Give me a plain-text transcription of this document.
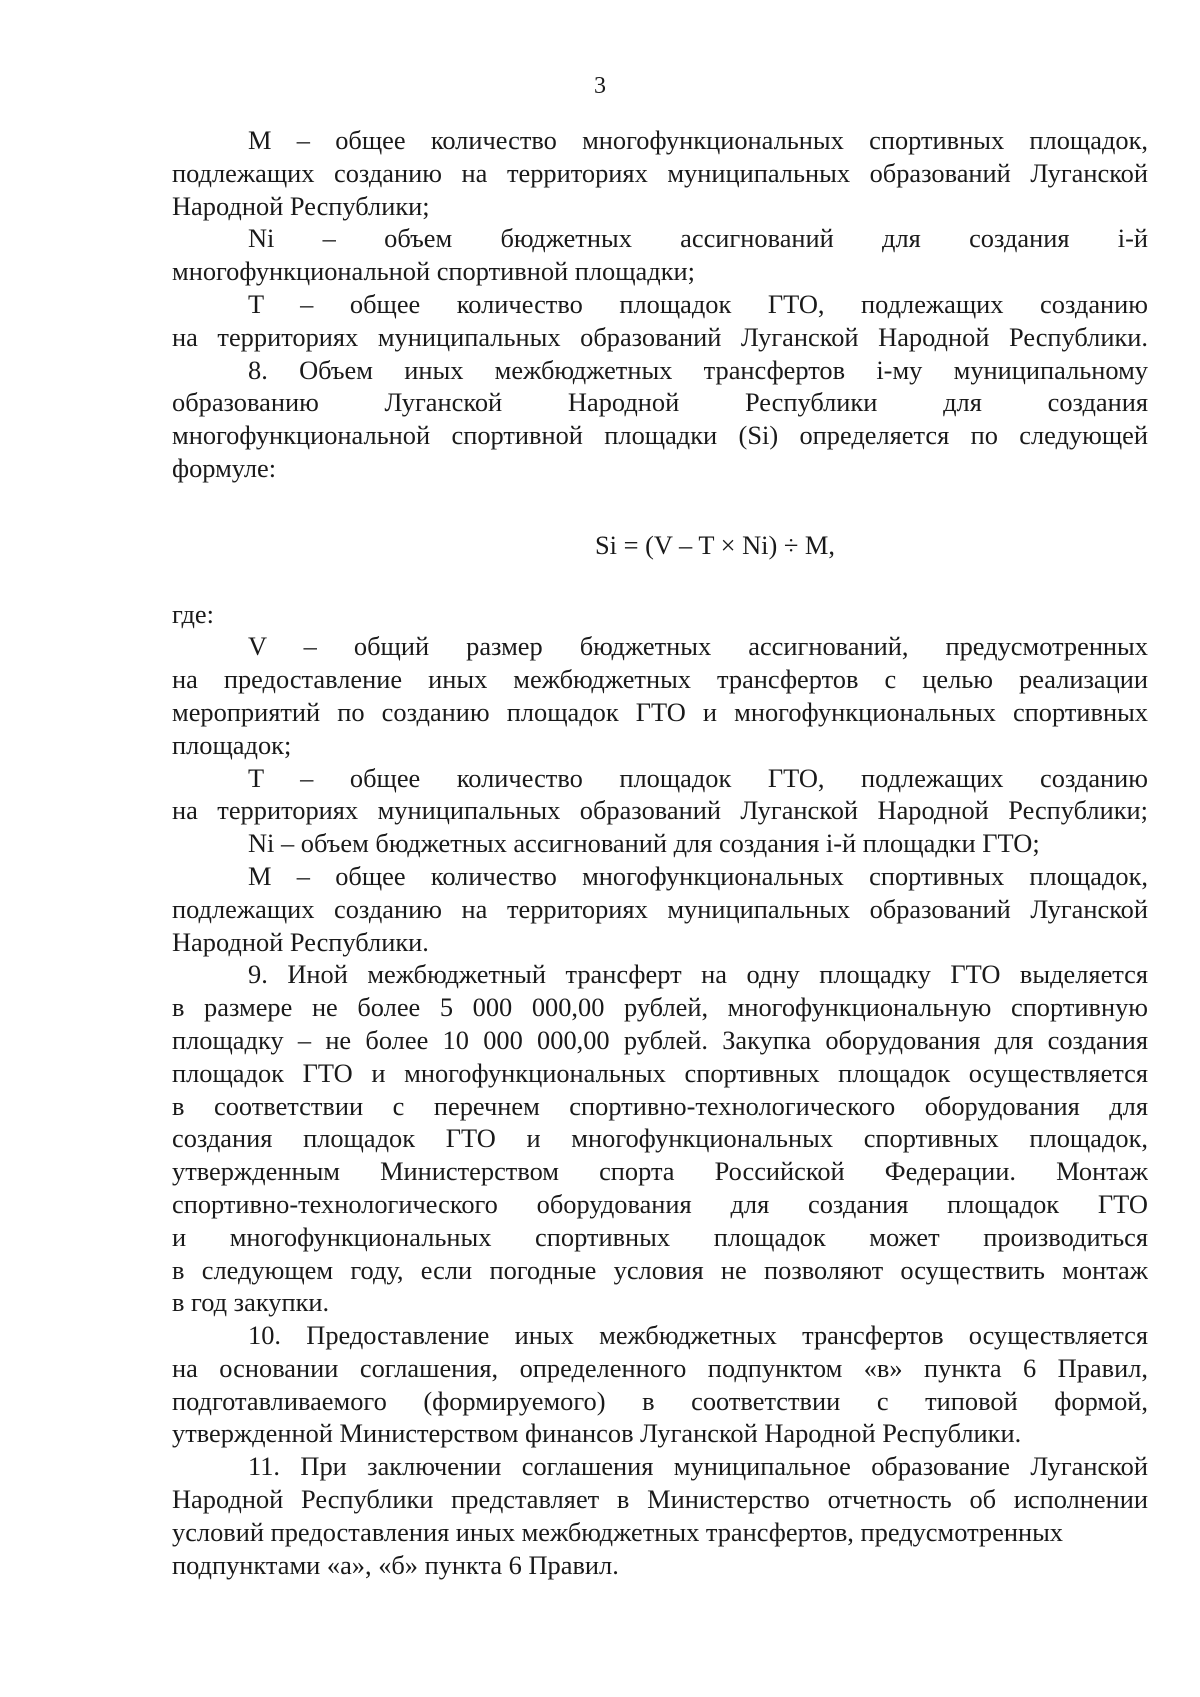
3
M – общее количество многофункциональных спортивных площадок,
подлежащих созданию на территориях муниципальных образований Луганской
Народной Республики;
Ni – объем бюджетных ассигнований для создания i-й
многофункциональной спортивной площадки;
T – общее количество площадок ГТО, подлежащих созданию
на территориях муниципальных образований Луганской Народной Республики.
8. Объем иных межбюджетных трансфертов i-му муниципальному
образованию Луганской Народной Республики для создания
многофункциональной спортивной площадки (Si) определяется по следующей
формуле:
Si = (V – T × Ni) ÷ M,
где:
V – общий размер бюджетных ассигнований, предусмотренных
на предоставление иных межбюджетных трансфертов с целью реализации
мероприятий по созданию площадок ГТО и многофункциональных спортивных
площадок;
T – общее количество площадок ГТО, подлежащих созданию
на территориях муниципальных образований Луганской Народной Республики;
Ni – объем бюджетных ассигнований для создания i-й площадки ГТО;
M – общее количество многофункциональных спортивных площадок,
подлежащих созданию на территориях муниципальных образований Луганской
Народной Республики.
9. Иной межбюджетный трансферт на одну площадку ГТО выделяется
в размере не более 5 000 000,00 рублей, многофункциональную спортивную
площадку – не более 10 000 000,00 рублей. Закупка оборудования для создания
площадок ГТО и многофункциональных спортивных площадок осуществляется
в соответствии с перечнем спортивно-технологического оборудования для
создания площадок ГТО и многофункциональных спортивных площадок,
утвержденным Министерством спорта Российской Федерации. Монтаж
спортивно-технологического оборудования для создания площадок ГТО
и многофункциональных спортивных площадок может производиться
в следующем году, если погодные условия не позволяют осуществить монтаж
в год закупки.
10. Предоставление иных межбюджетных трансфертов осуществляется
на основании соглашения, определенного подпунктом «в» пункта 6 Правил,
подготавливаемого (формируемого) в соответствии с типовой формой,
утвержденной Министерством финансов Луганской Народной Республики.
11. При заключении соглашения муниципальное образование Луганской
Народной Республики представляет в Министерство отчетность об исполнении
условий предоставления иных межбюджетных трансфертов, предусмотренных
подпунктами «а», «б» пункта 6 Правил.
